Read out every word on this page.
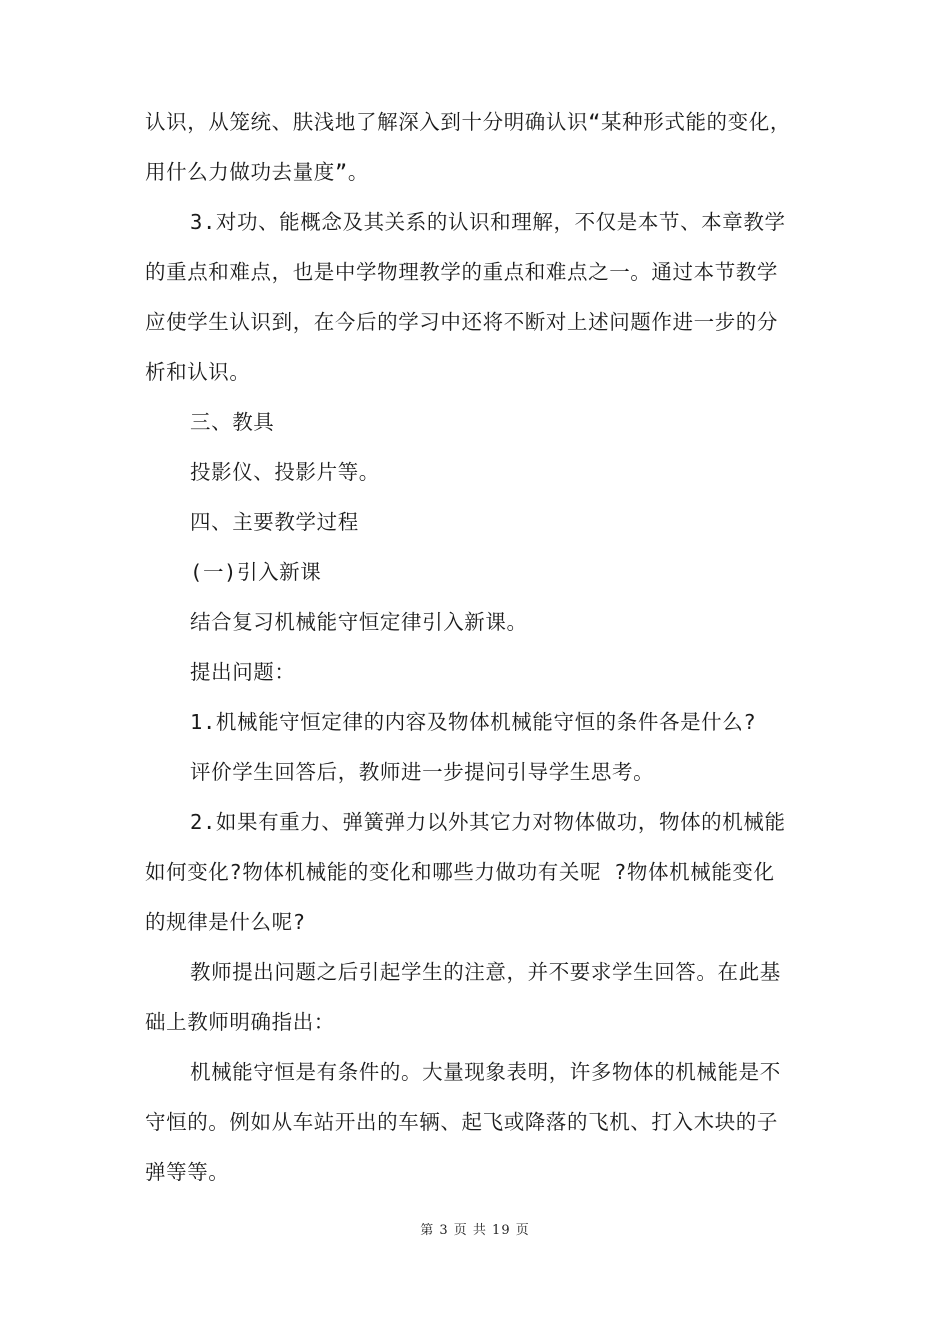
认识，从笼统、肤浅地了解深入到十分明确认识“某种形式能的变化，
用什么力做功去量度”。
3.对功、能概念及其关系的认识和理解，不仅是本节、本章教学
的重点和难点，也是中学物理教学的重点和难点之一。通过本节教学
应使学生认识到，在今后的学习中还将不断对上述问题作进一步的分
析和认识。
三、教具
投影仪、投影片等。
四、主要教学过程
(一)引入新课
结合复习机械能守恒定律引入新课。
提出问题：
1.机械能守恒定律的内容及物体机械能守恒的条件各是什么?
评价学生回答后，教师进一步提问引导学生思考。
2.如果有重力、弹簧弹力以外其它力对物体做功，物体的机械能
如何变化?物体机械能的变化和哪些力做功有关呢 ?物体机械能变化
的规律是什么呢?
教师提出问题之后引起学生的注意，并不要求学生回答。在此基
础上教师明确指出：
机械能守恒是有条件的。大量现象表明，许多物体的机械能是不
守恒的。例如从车站开出的车辆、起飞或降落的飞机、打入木块的子
弹等等。
第 3 页 共 19 页
